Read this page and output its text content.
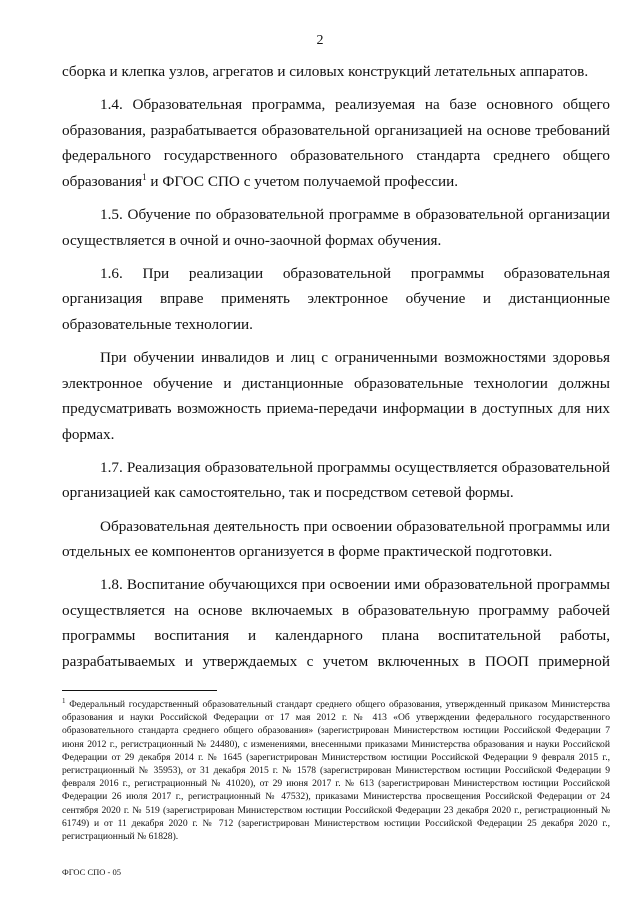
2

сборка и клепка узлов, агрегатов и силовых конструкций летательных аппаратов.

1.4. Образовательная программа, реализуемая на базе основного общего образования, разрабатывается образовательной организацией на основе требований федерального государственного образовательного стандарта среднего общего образования$^1$ и ФГОС СПО с учетом получаемой профессии.

1.5. Обучение по образовательной программе в образовательной организации осуществляется в очной и очно-заочной формах обучения.

1.6. При реализации образовательной программы образовательная организация вправе применять электронное обучение и дистанционные образовательные технологии.

При обучении инвалидов и лиц с ограниченными возможностями здоровья электронное обучение и дистанционные образовательные технологии должны предусматривать возможность приема-передачи информации в доступных для них формах.

1.7. Реализация образовательной программы осуществляется образовательной организацией как самостоятельно, так и посредством сетевой формы.

Образовательная деятельность при освоении образовательной программы или отдельных ее компонентов организуется в форме практической подготовки.

1.8. Воспитание обучающихся при освоении ими образовательной программы осуществляется на основе включаемых в образовательную программу рабочей программы воспитания и календарного плана воспитательной работы, разрабатываемых и утверждаемых с учетом включенных в ПООП примерной

$^1$ Федеральный государственный образовательный стандарт среднего общего образования, утвержденный приказом Министерства образования и науки Российской Федерации от 17 мая 2012 г. № 413 «Об утверждении федерального государственного образовательного стандарта среднего общего образования» (зарегистрирован Министерством юстиции Российской Федерации 7 июня 2012 г., регистрационный № 24480), с изменениями, внесенными приказами Министерства образования и науки Российской Федерации от 29 декабря 2014 г. № 1645 (зарегистрирован Министерством юстиции Российской Федерации 9 февраля 2015 г., регистрационный № 35953), от 31 декабря 2015 г. № 1578 (зарегистрирован Министерством юстиции Российской Федерации 9 февраля 2016 г., регистрационный № 41020), от 29 июня 2017 г. № 613 (зарегистрирован Министерством юстиции Российской Федерации 26 июля 2017 г., регистрационный № 47532), приказами Министерства просвещения Российской Федерации от 24 сентября 2020 г. № 519 (зарегистрирован Министерством юстиции Российской Федерации 23 декабря 2020 г., регистрационный № 61749) и от 11 декабря 2020 г. № 712 (зарегистрирован Министерством юстиции Российской Федерации 25 декабря 2020 г., регистрационный № 61828).
ФГОС СПО - 05
